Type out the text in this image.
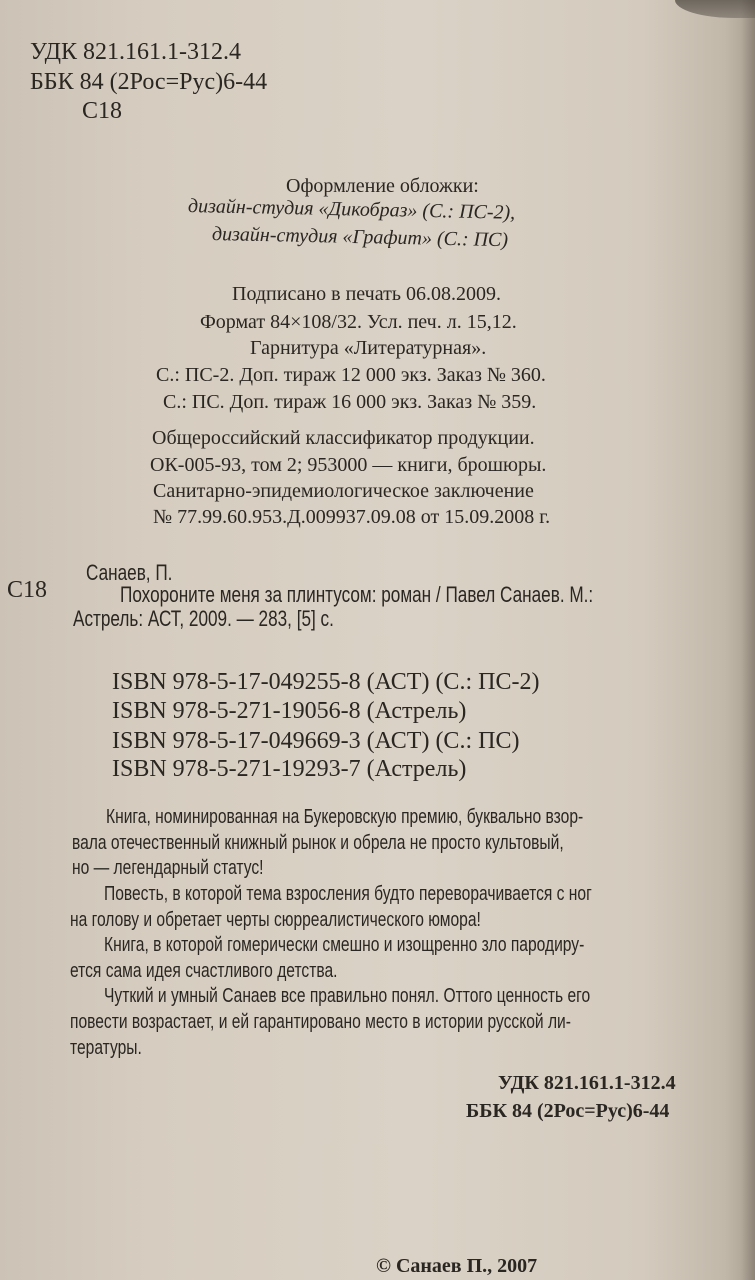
УДК 821.161.1-312.4
ББК 84 (2Рос=Рус)6-44
С18
Оформление обложки:
дизайн-студия «Дикобраз» (С.: ПС-2),
дизайн-студия «Графит» (С.: ПС)
Подписано в печать 06.08.2009.
Формат 84×108/32. Усл. печ. л. 15,12.
Гарнитура «Литературная».
С.: ПС-2. Доп. тираж 12 000 экз. Заказ № 360.
С.: ПС. Доп. тираж 16 000 экз. Заказ № 359.
Общероссийский классификатор продукции.
ОК-005-93, том 2; 953000 — книги, брошюры.
Санитарно-эпидемиологическое заключение
№ 77.99.60.953.Д.009937.09.08 от 15.09.2008 г.
Санаев, П.
С18	Похороните меня за плинтусом: роман / Павел Санаев. М.:
Астрель: АСТ, 2009. — 283, [5] с.
ISBN 978-5-17-049255-8 (АСТ) (С.: ПС-2)
ISBN 978-5-271-19056-8 (Астрель)
ISBN 978-5-17-049669-3 (АСТ) (С.: ПС)
ISBN 978-5-271-19293-7 (Астрель)
Книга, номинированная на Букеровскую премию, буквально взор-
вала отечественный книжный рынок и обрела не просто культовый,
но — легендарный статус!
Повесть, в которой тема взросления будто переворачивается с ног
на голову и обретает черты сюрреалистического юмора!
Книга, в которой гомерически смешно и изощренно зло пародиру-
ется сама идея счастливого детства.
Чуткий и умный Санаев все правильно понял. Оттого ценность его
повести возрастает, и ей гарантировано место в истории русской ли-
тературы.
УДК 821.161.1-312.4
ББК 84 (2Рос=Рус)6-44
© Санаев П., 2007
